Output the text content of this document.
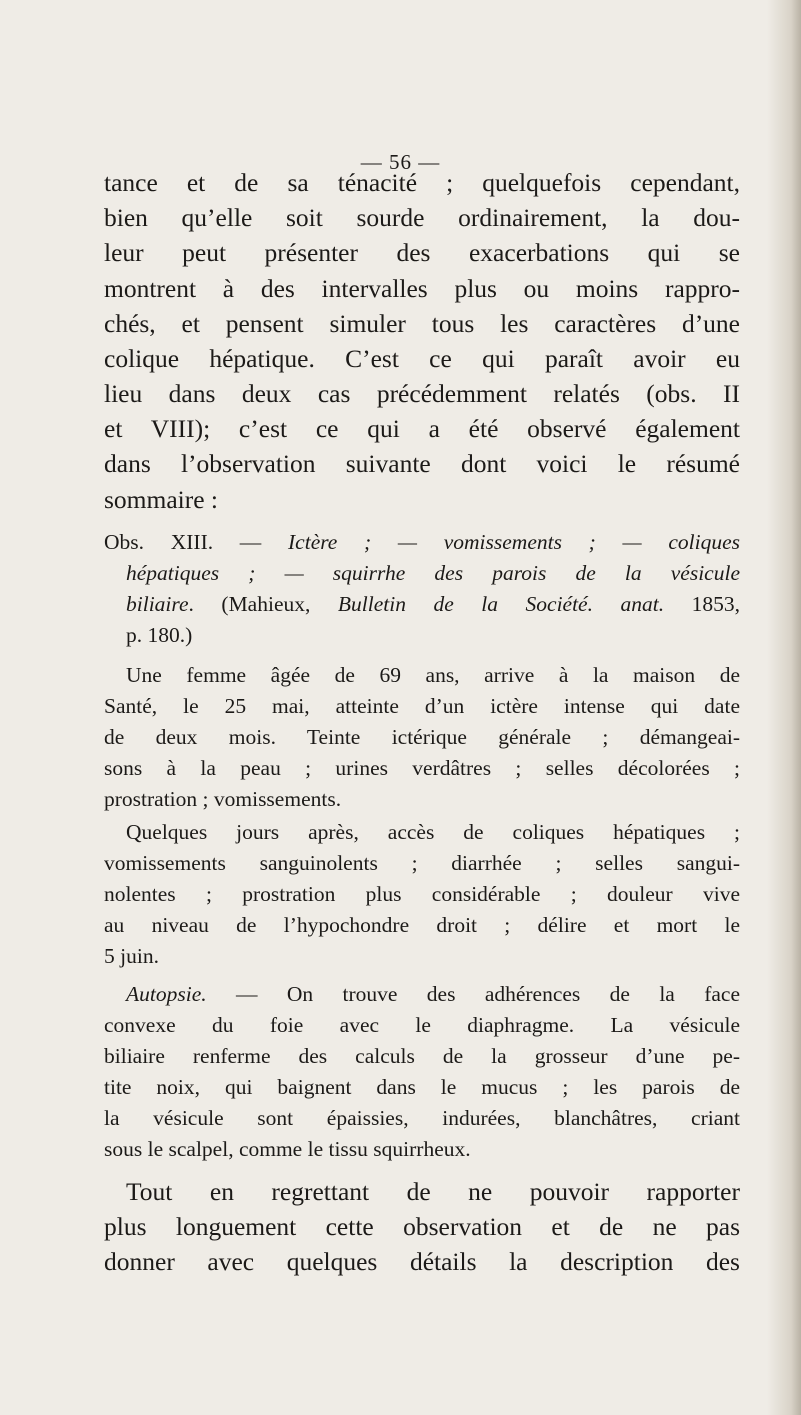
— 56 —
tance et de sa ténacité ; quelquefois cependant,
bien qu’elle soit sourde ordinairement, la dou-
leur peut présenter des exacerbations qui se
montrent à des intervalles plus ou moins rappro-
chés, et pensent simuler tous les caractères d’une
colique hépatique. C’est ce qui paraît avoir eu
lieu dans deux cas précédemment relatés (obs. II
et VIII); c’est ce qui a été observé également
dans l’observation suivante dont voici le résumé
sommaire :
Obs. XIII. — Ictère ; — vomissements ; — coliques
hépatiques ; — squirrhe des parois de la vésicule
biliaire. (Mahieux, Bulletin de la Société. anat. 1853,
p. 180.)
Une femme âgée de 69 ans, arrive à la maison de
Santé, le 25 mai, atteinte d’un ictère intense qui date
de deux mois. Teinte ictérique générale ; démangeai-
sons à la peau ; urines verdâtres ; selles décolorées ;
prostration ; vomissements.
Quelques jours après, accès de coliques hépatiques ;
vomissements sanguinolents ; diarrhée ; selles sangui-
nolentes ; prostration plus considérable ; douleur vive
au niveau de l’hypochondre droit ; délire et mort le
5 juin.
Autopsie. — On trouve des adhérences de la face
convexe du foie avec le diaphragme. La vésicule
biliaire renferme des calculs de la grosseur d’une pe-
tite noix, qui baignent dans le mucus ; les parois de
la vésicule sont épaissies, indurées, blanchâtres, criant
sous le scalpel, comme le tissu squirrheux.
Tout en regrettant de ne pouvoir rapporter
plus longuement cette observation et de ne pas
donner avec quelques détails la description des
